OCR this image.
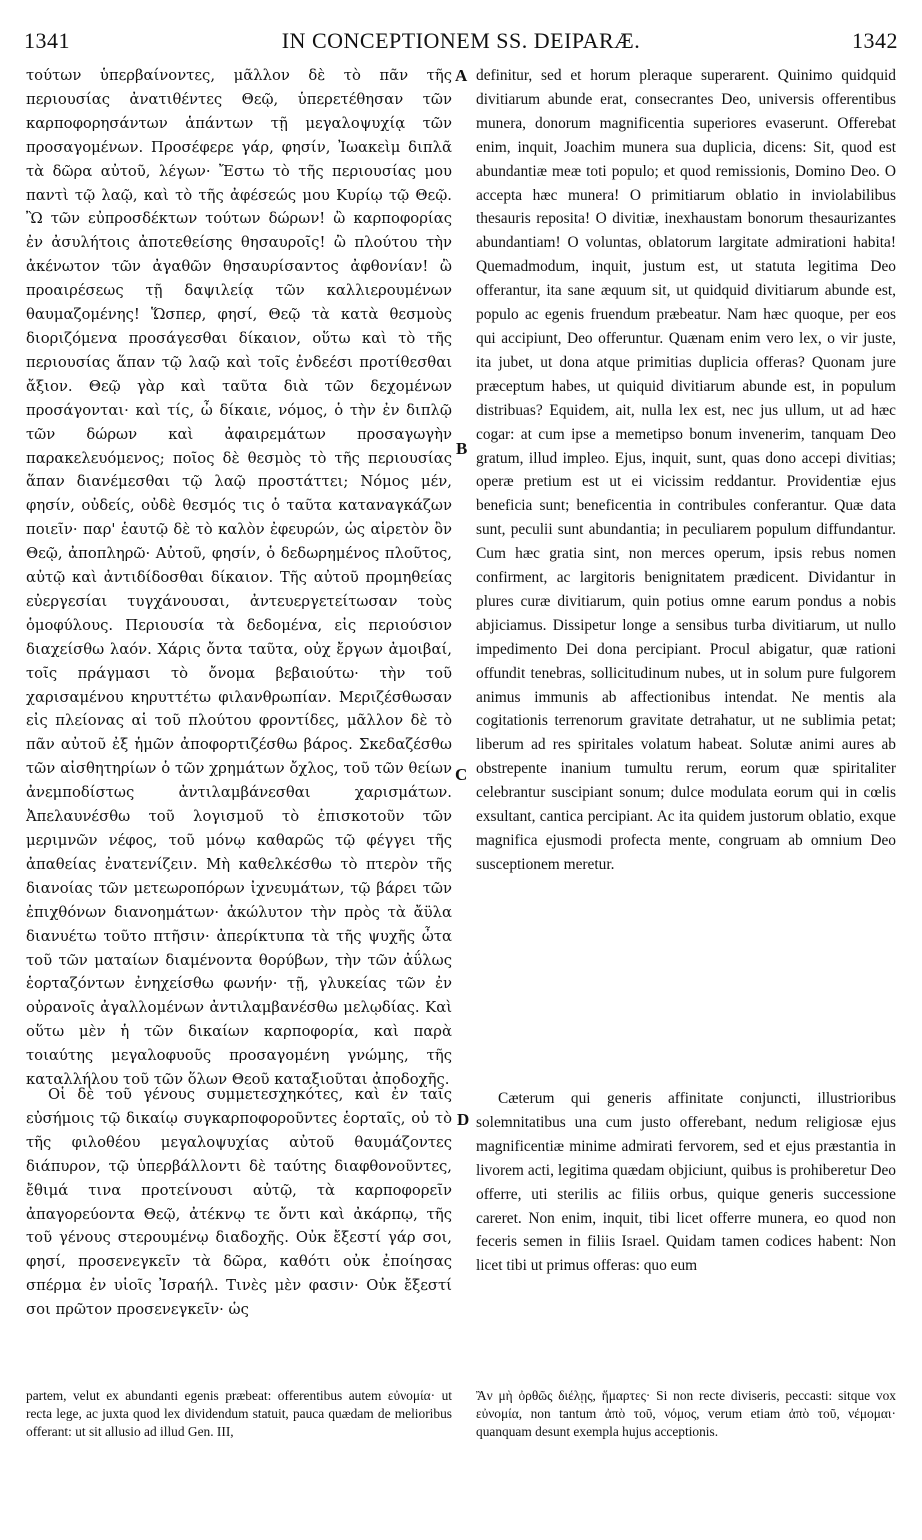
1341	IN CONCEPTIONEM SS. DEIPARÆ.	1342
A
B
C
D

τούτων ὑπερβαίνοντες, μᾶλλον δὲ τὸ πᾶν τῆς περιουσίας ἀνατιθέντες Θεῷ, ὑπερετέθησαν τῶν καρποφορησάντων ἁπάντων τῇ μεγαλοψυχίᾳ τῶν προσαγομένων. Προσέφερε γάρ, φησίν, Ἰωακεὶμ διπλᾶ τὰ δῶρα αὐτοῦ, λέγων· Ἔστω τὸ τῆς περιουσίας μου παντὶ τῷ λαῷ, καὶ τὸ τῆς ἀφέσεώς μου Κυρίῳ τῷ Θεῷ. Ὢ τῶν εὐπροσδέκτων τούτων δώρων! ὢ καρποφορίας ἐν ἀσυλήτοις ἀποτεθείσης θησαυροῖς! ὢ πλούτου τὴν ἀκένωτον τῶν ἀγαθῶν θησαυρίσαντος ἀφθονίαν! ὢ προαιρέσεως τῇ δαψιλείᾳ τῶν καλλιερουμένων θαυμαζομένης! Ὥσπερ, φησί, Θεῷ τὰ κατὰ θεσμοὺς διοριζόμενα προσάγεσθαι δίκαιον, οὕτω καὶ τὸ τῆς περιουσίας ἅπαν τῷ λαῷ καὶ τοῖς ἐνδεέσι προτίθεσθαι ἄξιον. Θεῷ γὰρ καὶ ταῦτα διὰ τῶν δεχομένων προσάγονται· καὶ τίς, ὦ δίκαιε, νόμος, ὁ τὴν ἐν διπλῷ τῶν δώρων καὶ ἀφαιρεμάτων προσαγωγὴν παρακελευόμενος; ποῖος δὲ θεσμὸς τὸ τῆς περιουσίας ἅπαν διανέμεσθαι τῷ λαῷ προστάττει; Νόμος μέν, φησίν, οὐδείς, οὐδὲ θεσμός τις ὁ ταῦτα καταναγκάζων ποιεῖν· παρ' ἑαυτῷ δὲ τὸ καλὸν ἐφευρών, ὡς αἱρετὸν ὂν Θεῷ, ἀποπληρῶ· Αὐτοῦ, φησίν, ὁ δεδωρημένος πλοῦτος, αὐτῷ καὶ ἀντιδίδοσθαι δίκαιον. Τῆς αὐτοῦ προμηθείας εὐεργεσίαι τυγχάνουσαι, ἀντευεργετείτωσαν τοὺς ὁμοφύλους. Περιουσία τὰ δεδομένα, εἰς περιούσιον διαχείσθω λαόν. Χάρις ὄντα ταῦτα, οὐχ ἔργων ἀμοιβαί, τοῖς πράγμασι τὸ ὄνομα βεβαιούτω· τὴν τοῦ χαρισαμένου κηρυττέτω φιλανθρωπίαν. Μεριζέσθωσαν εἰς πλείονας αἱ τοῦ πλούτου φροντίδες, μᾶλλον δὲ τὸ πᾶν αὐτοῦ ἐξ ἡμῶν ἀποφορτιζέσθω βάρος. Σκεδαζέσθω τῶν αἰσθητηρίων ὁ τῶν χρημάτων ὄχλος, τοῦ τῶν θείων ἀνεμποδίστως ἀντιλαμβάνεσθαι χαρισμάτων. Ἀπελαυνέσθω τοῦ λογισμοῦ τὸ ἐπισκοτοῦν τῶν μεριμνῶν νέφος, τοῦ μόνῳ καθαρῶς τῷ φέγγει τῆς ἀπαθείας ἐνατενίζειν. Μὴ καθελκέσθω τὸ πτερὸν τῆς διανοίας τῶν μετεωροπόρων ἰχνευμάτων, τῷ βάρει τῶν ἐπιχθόνων διανοημάτων· ἀκώλυτον τὴν πρὸς τὰ ἄϋλα διανυέτω τοῦτο πτῆσιν· ἀπερίκτυπα τὰ τῆς ψυχῆς ὦτα τοῦ τῶν ματαίων διαμένοντα θορύβων, τὴν τῶν ἀΰλως ἑορταζόντων ἐνηχείσθω φωνήν· τῇ, γλυκείας τῶν ἐν οὐρανοῖς ἀγαλλομένων ἀντιλαμβανέσθω μελῳδίας. Καὶ οὕτω μὲν ἡ τῶν δικαίων καρποφορία, καὶ παρὰ τοιαύτης μεγαλοφυοῦς προσαγομένη γνώμης, τῆς καταλλήλου τοῦ τῶν ὅλων Θεοῦ καταξιοῦται ἀποδοχῆς.

Οἱ δὲ τοῦ γένους συμμετεσχηκότες, καὶ ἐν ταῖς εὐσήμοις τῷ δικαίῳ συγκαρποφοροῦντες ἑορταῖς, οὐ τὸ τῆς φιλοθέου μεγαλοψυχίας αὐτοῦ θαυμάζοντες διάπυρον, τῷ ὑπερβάλλοντι δὲ ταύτης διαφθονοῦντες, ἔθιμά τινα προτείνουσι αὐτῷ, τὰ καρποφορεῖν ἀπαγορεύοντα Θεῷ, ἀτέκνῳ τε ὄντι καὶ ἀκάρπῳ, τῆς τοῦ γένους στερουμένῳ διαδοχῆς. Οὐκ ἔξεστί γάρ σοι, φησί, προσενεγκεῖν τὰ δῶρα, καθότι οὐκ ἐποίησας σπέρμα ἐν υἱοῖς Ἰσραήλ. Τινὲς μὲν φασιν· Οὐκ ἔξεστί σοι πρῶτον προσενεγκεῖν· ὡς

definitur, sed et horum pleraque superarent. Quinimo quidquid divitiarum abunde erat, consecrantes Deo, universis offerentibus munera, donorum magnificentia superiores evaserunt. Offerebat enim, inquit, Joachim munera sua duplicia, dicens: Sit, quod est abundantiæ meæ toti populo; et quod remissionis, Domino Deo. O accepta hæc munera! O primitiarum oblatio in inviolabilibus thesauris reposita! O divitiæ, inexhaustam bonorum thesaurizantes abundantiam! O voluntas, oblatorum largitate admirationi habita! Quemadmodum, inquit, justum est, ut statuta legitima Deo offerantur, ita sane æquum sit, ut quidquid divitiarum abunde est, populo ac egenis fruendum præbeatur. Nam hæc quoque, per eos qui accipiunt, Deo offeruntur. Quænam enim vero lex, o vir juste, ita jubet, ut dona atque primitias duplicia offeras? Quonam jure præceptum habes, ut quiquid divitiarum abunde est, in populum distribuas? Equidem, ait, nulla lex est, nec jus ullum, ut ad hæc cogar: at cum ipse a memetipso bonum invenerim, tanquam Deo gratum, illud impleo. Ejus, inquit, sunt, quas dono accepi divitias; operæ pretium est ut ei vicissim reddantur. Providentiæ ejus beneficia sunt; beneficentia in contribules conferantur. Quæ data sunt, peculii sunt abundantia; in peculiarem populum diffundantur. Cum hæc gratia sint, non merces operum, ipsis rebus nomen confirment, ac largitoris benignitatem prædicent. Dividantur in plures curæ divitiarum, quin potius omne earum pondus a nobis abjiciamus. Dissipetur longe a sensibus turba divitiarum, ut nullo impedimento Dei dona percipiant. Procul abigatur, quæ rationi offundit tenebras, sollicitudinum nubes, ut in solum pure fulgorem animus immunis ab affectionibus intendat. Ne mentis ala cogitationis terrenorum gravitate detrahatur, ut ne sublimia petat; liberum ad res spiritales volatum habeat. Solutæ animi aures ab obstrepente inanium tumultu rerum, eorum quæ spiritaliter celebrantur suscipiant sonum; dulce modulata eorum qui in cœlis exsultant, cantica percipiant. Ac ita quidem justorum oblatio, exque magnifica ejusmodi profecta mente, congruam ab omnium Deo susceptionem meretur.

Cæterum qui generis affinitate conjuncti, illustrioribus solemnitatibus una cum justo offerebant, nedum religiosæ ejus magnificentiæ minime admirati fervorem, sed et ejus præstantia in livorem acti, legitima quædam objiciunt, quibus is prohiberetur Deo offerre, uti sterilis ac filiis orbus, quique generis successione careret. Non enim, inquit, tibi licet offerre munera, eo quod non feceris semen in filiis Israel. Quidam tamen codices habent: Non licet tibi ut primus offeras: quo eum

partem, velut ex abundanti egenis præbeat: offerentibus autem εὐνομία· ut recta lege, ac juxta quod lex dividendum statuit, pauca quædam de melioribus offerant: ut sit allusio ad illud Gen. III,
Ἂν μὴ ὀρθῶς διέλῃς, ἥμαρτες· Si non recte diviseris, peccasti: sitque vox εὐνομία, non tantum ἀπὸ τοῦ, νόμος, verum etiam ἀπὸ τοῦ, νέμομαι· quanquam desunt exempla hujus acceptionis.
